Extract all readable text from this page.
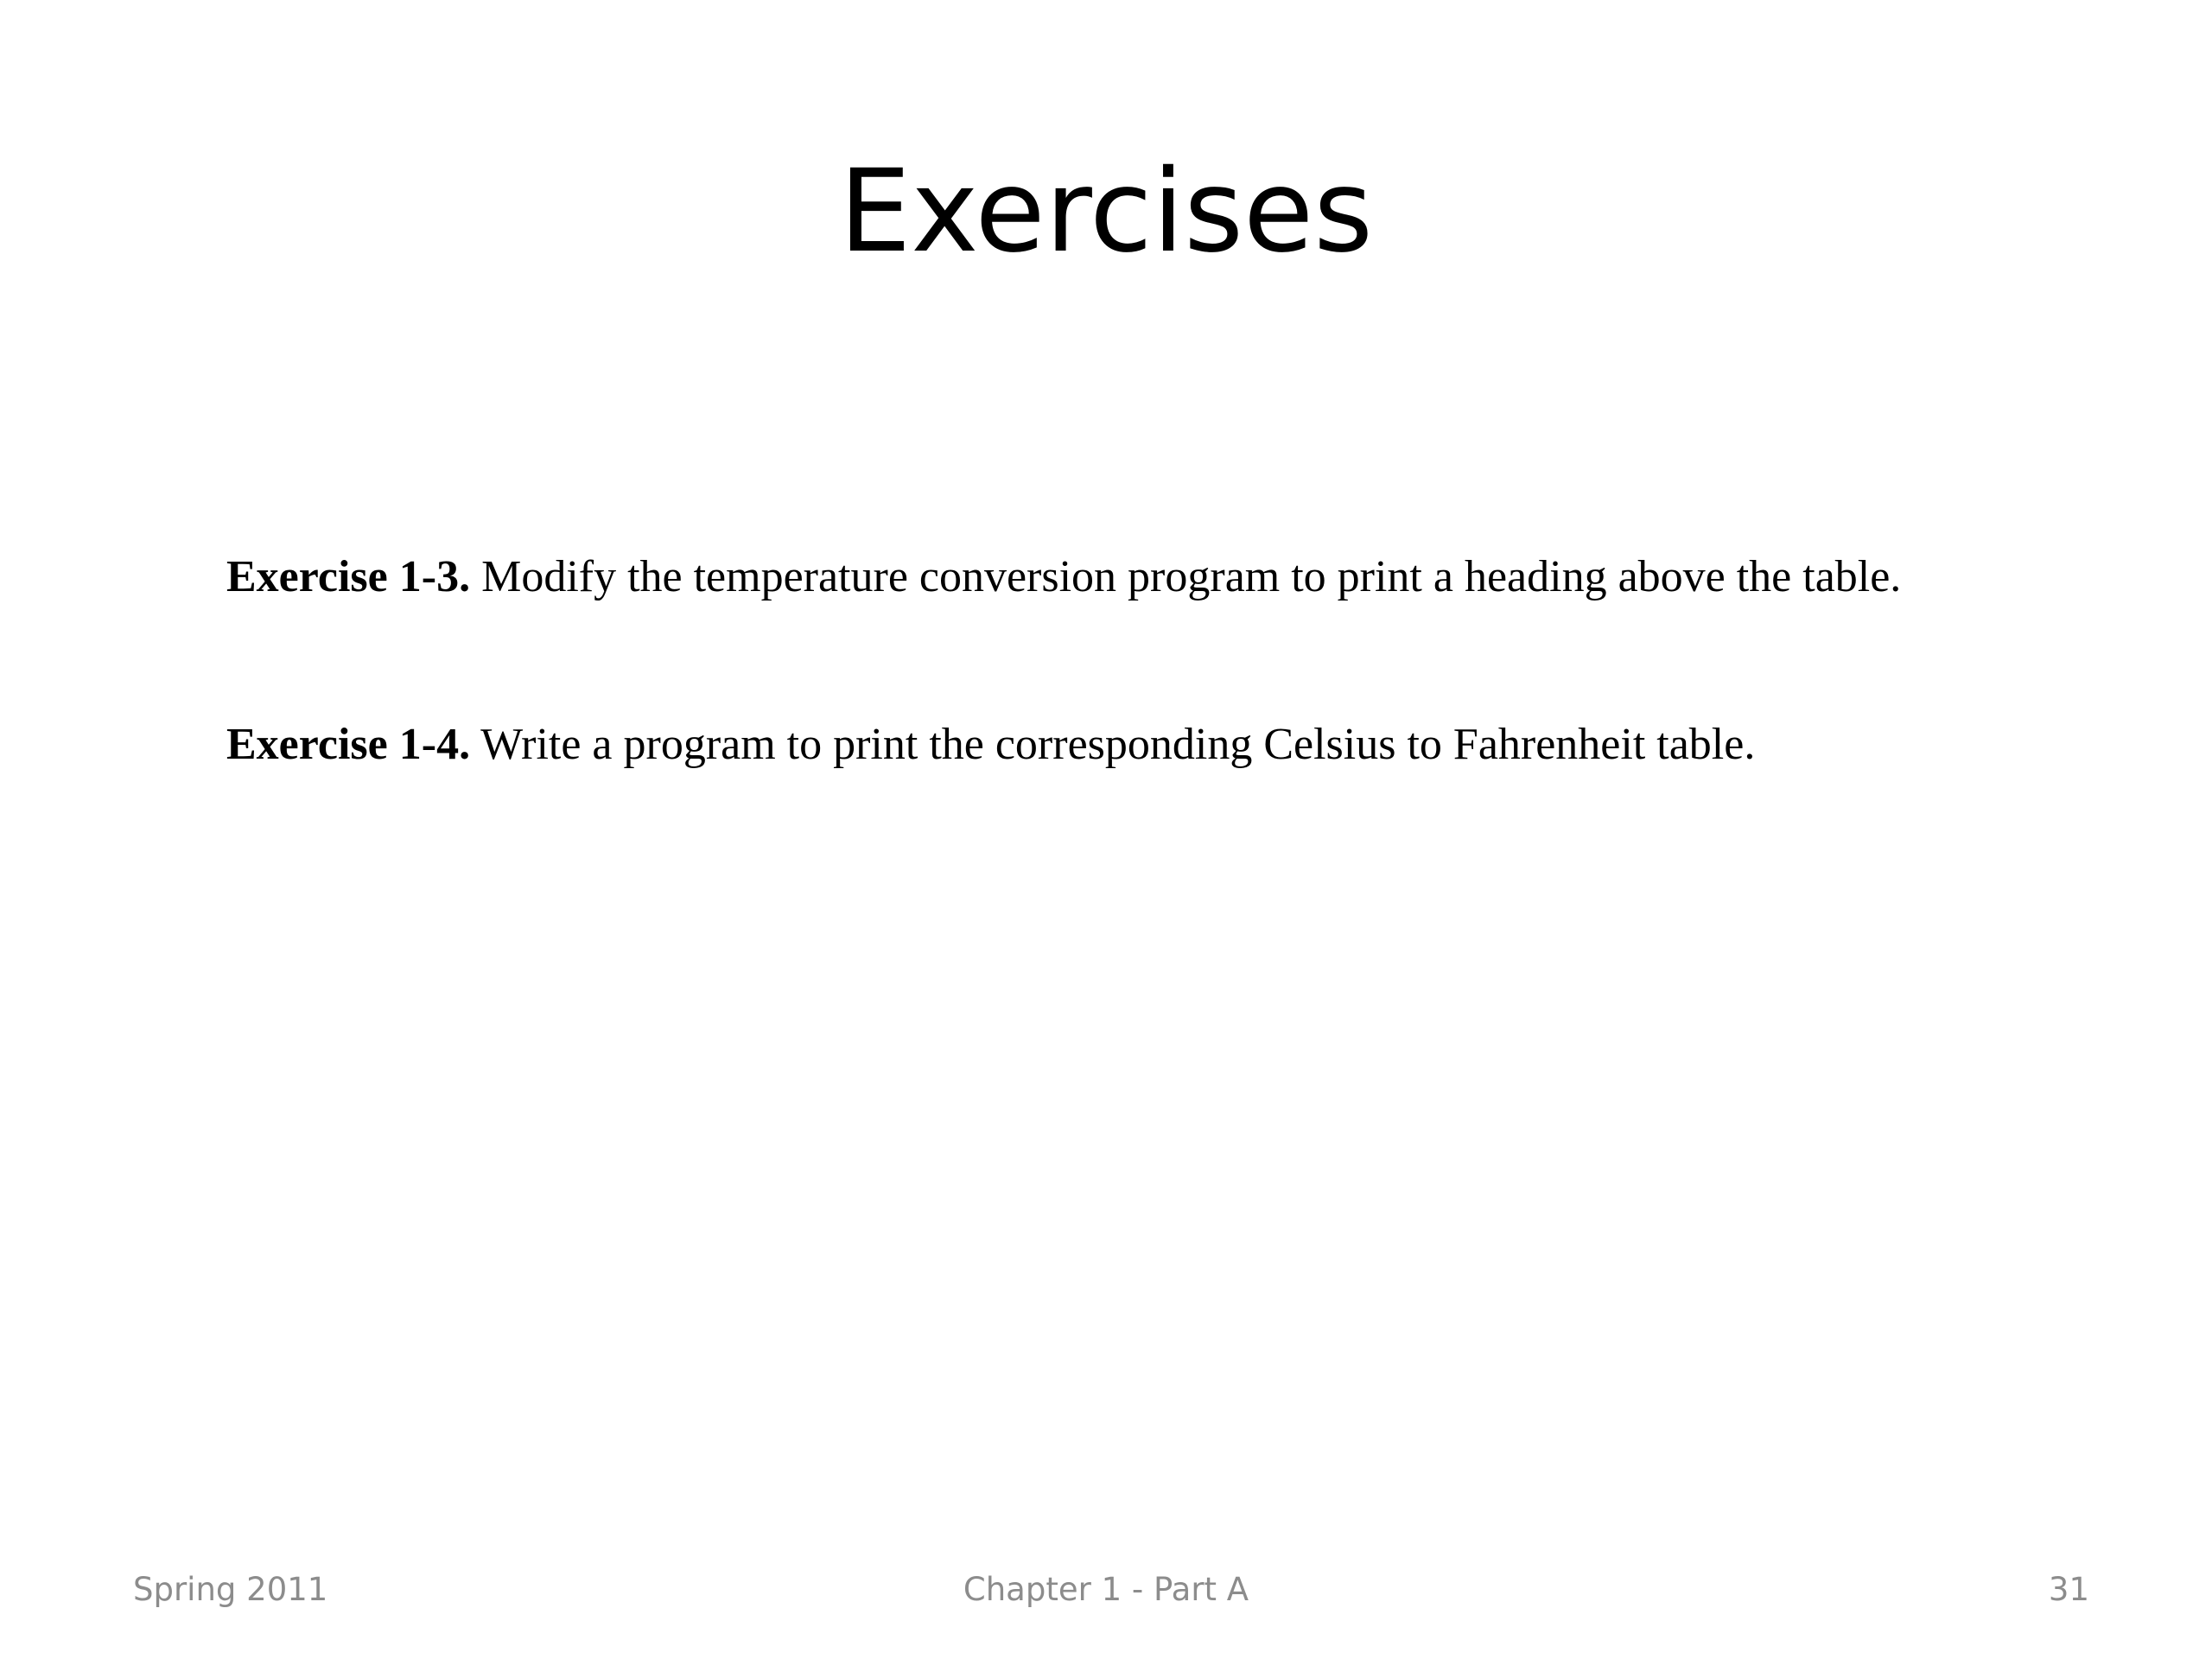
Exercises

Exercise 1-3. Modify the temperature conversion program to print a heading above the table.

Exercise 1-4. Write a program to print the corresponding Celsius to Fahrenheit table.

Spring 2011	Chapter 1 - Part A	31
